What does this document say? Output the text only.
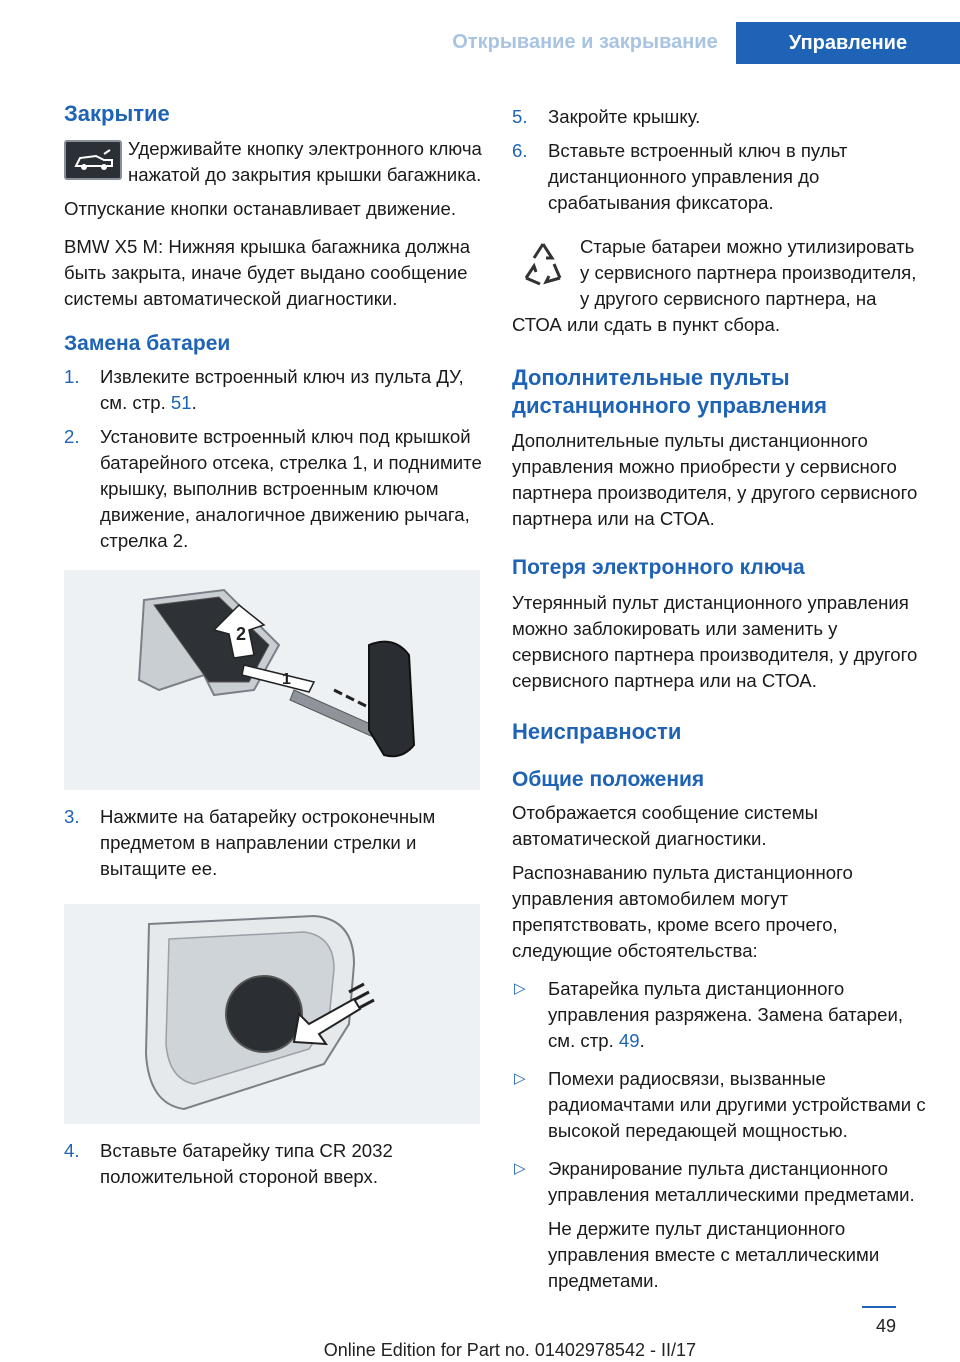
Открывание и закрывание	Управление
Закрытие

Удерживайте кнопку электронного ключа нажатой до закрытия крышки багажника.

Отпускание кнопки останавливает движение.

BMW X5 M: Нижняя крышка багажника должна быть закрыта, иначе будет выдано сообщение системы автоматической диагностики.

Замена батареи
1. Извлеките встроенный ключ из пульта ДУ, см. стр. 51.
2. Установите встроенный ключ под крышкой батарейного отсека, стрелка 1, и поднимите крышку, выполнив встроенным ключом движение, аналогичное движению рычага, стрелка 2.
2
1
3. Нажмите на батарейку остроконечным предметом в направлении стрелки и вытащите ее.
4. Вставьте батарейку типа CR 2032 положительной стороной вверх.
5. Закройте крышку.
6. Вставьте встроенный ключ в пульт дистанционного управления до срабатывания фиксатора.

Старые батареи можно утилизировать у сервисного партнера производителя, у другого сервисного партнера, на СТОА или сдать в пункт сбора.

Дополнительные пульты дистанционного управления

Дополнительные пульты дистанционного управления можно приобрести у сервисного партнера производителя, у другого сервисного партнера или на СТОА.

Потеря электронного ключа

Утерянный пульт дистанционного управления можно заблокировать или заменить у сервисного партнера производителя, у другого сервисного партнера или на СТОА.

Неисправности
Общие положения

Отображается сообщение системы автоматической диагностики.

Распознаванию пульта дистанционного управления автомобилем могут препятствовать, кроме всего прочего, следующие обстоятельства:

▷ Батарейка пульта дистанционного управления разряжена. Замена батареи, см. стр. 49.
▷ Помехи радиосвязи, вызванные радиомачтами или другими устройствами с высокой передающей мощностью.
▷ Экранирование пульта дистанционного управления металлическими предметами.

Не держите пульт дистанционного управления вместе с металлическими предметами.

49
Online Edition for Part no. 01402978542 - II/17
